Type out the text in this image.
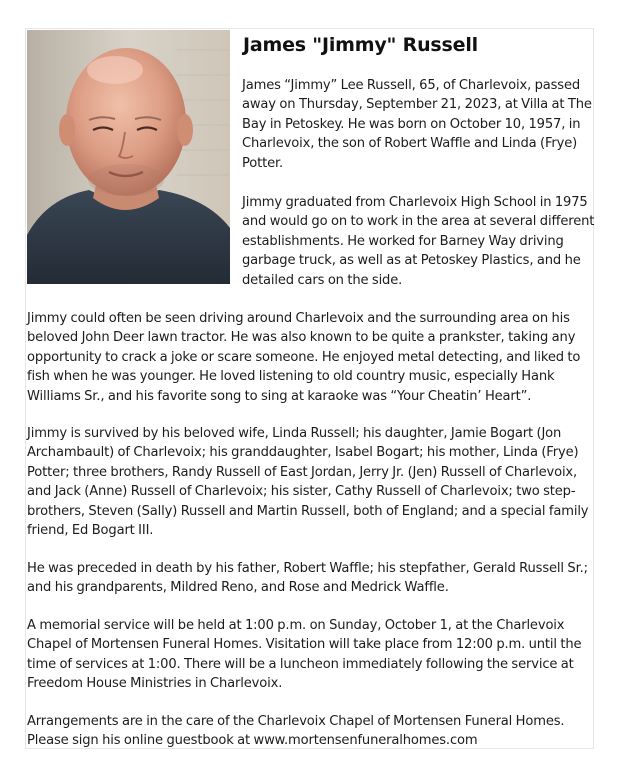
James "Jimmy" Russell

James “Jimmy” Lee Russell, 65, of Charlevoix, passed away on Thursday, September 21, 2023, at Villa at The Bay in Petoskey. He was born on October 10, 1957, in Charlevoix, the son of Robert Waffle and Linda (Frye) Potter.

Jimmy graduated from Charlevoix High School in 1975 and would go on to work in the area at several different establishments. He worked for Barney Way driving garbage truck, as well as at Petoskey Plastics, and he detailed cars on the side.

Jimmy could often be seen driving around Charlevoix and the surrounding area on his beloved John Deer lawn tractor. He was also known to be quite a prankster, taking any opportunity to crack a joke or scare someone. He enjoyed metal detecting, and liked to fish when he was younger. He loved listening to old country music, especially Hank Williams Sr., and his favorite song to sing at karaoke was “Your Cheatin’ Heart”.

Jimmy is survived by his beloved wife, Linda Russell; his daughter, Jamie Bogart (Jon Archambault) of Charlevoix; his granddaughter, Isabel Bogart; his mother, Linda (Frye) Potter; three brothers, Randy Russell of East Jordan, Jerry Jr. (Jen) Russell of Charlevoix, and Jack (Anne) Russell of Charlevoix; his sister, Cathy Russell of Charlevoix; two step-brothers, Steven (Sally) Russell and Martin Russell, both of England; and a special family friend, Ed Bogart III.

He was preceded in death by his father, Robert Waffle; his stepfather, Gerald Russell Sr.; and his grandparents, Mildred Reno, and Rose and Medrick Waffle.

A memorial service will be held at 1:00 p.m. on Sunday, October 1, at the Charlevoix Chapel of Mortensen Funeral Homes. Visitation will take place from 12:00 p.m. until the time of services at 1:00. There will be a luncheon immediately following the service at Freedom House Ministries in Charlevoix.

Arrangements are in the care of the Charlevoix Chapel of Mortensen Funeral Homes. Please sign his online guestbook at www.mortensenfuneralhomes.com
